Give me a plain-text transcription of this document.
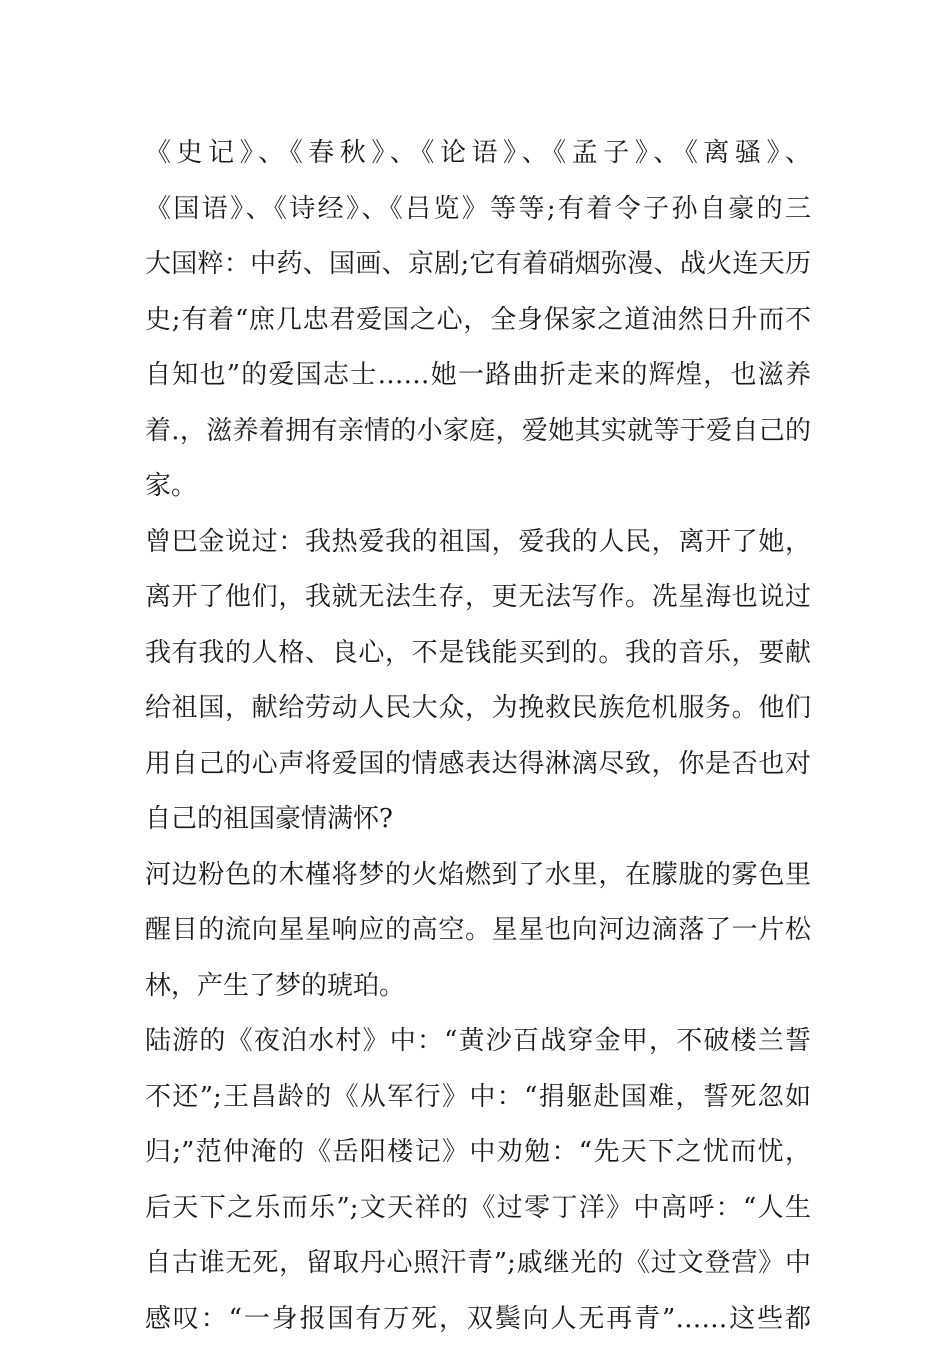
《史记》、《春秋》、《论语》、《孟子》、《离骚》、
《国语》、《诗经》、《吕览》等等;有着令子孙自豪的三
大国粹：中药、国画、京剧;它有着硝烟弥漫、战火连天历
史;有着“庶几忠君爱国之心，全身保家之道油然日升而不
自知也”的爱国志士……她一路曲折走来的辉煌，也滋养
着.，滋养着拥有亲情的小家庭，爱她其实就等于爱自己的
家。
曾巴金说过：我热爱我的祖国，爱我的人民，离开了她，
离开了他们，我就无法生存，更无法写作。冼星海也说过
我有我的人格、良心，不是钱能买到的。我的音乐，要献
给祖国，献给劳动人民大众，为挽救民族危机服务。他们
用自己的心声将爱国的情感表达得淋漓尽致，你是否也对
自己的祖国豪情满怀?
河边粉色的木槿将梦的火焰燃到了水里，在朦胧的雾色里
醒目的流向星星响应的高空。星星也向河边滴落了一片松
林，产生了梦的琥珀。
陆游的《夜泊水村》中：“黄沙百战穿金甲，不破楼兰誓
不还”;王昌龄的《从军行》中：“捐躯赴国难，誓死忽如
归;”范仲淹的《岳阳楼记》中劝勉：“先天下之忧而忧，
后天下之乐而乐”;文天祥的《过零丁洋》中高呼：“人生
自古谁无死，留取丹心照汗青”;戚继光的《过文登营》中
感叹：“一身报国有万死，双鬓向人无再青”……这些都
